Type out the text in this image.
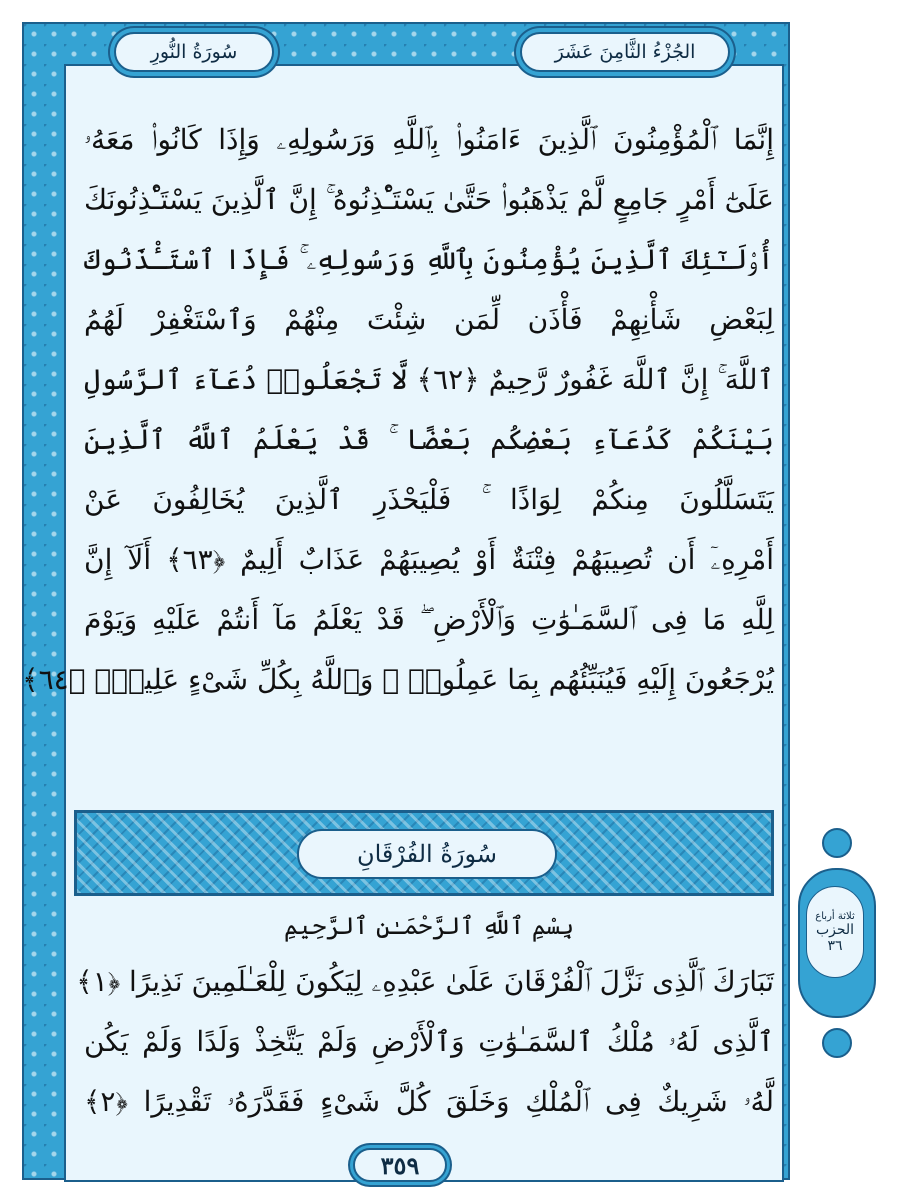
الجُزْءُ الثَّامِنَ عَشَرَ
سُورَةُ النُّورِ
إِنَّمَا ٱلْمُؤْمِنُونَ ٱلَّذِينَ ءَامَنُوا۟ بِٱللَّهِ وَرَسُولِهِۦ وَإِذَا كَانُوا۟ مَعَهُۥ
عَلَىٰٓ أَمْرٍ جَامِعٍ لَّمْ يَذْهَبُوا۟ حَتَّىٰ يَسْتَـْٔذِنُوهُ ۚ إِنَّ ٱلَّذِينَ يَسْتَـْٔذِنُونَكَ
أُو۟لَـٰٓئِكَ ٱلَّذِينَ يُؤْمِنُونَ بِٱللَّهِ وَرَسُولِهِۦ ۚ فَإِذَا ٱسْتَـْٔذَنُوكَ
لِبَعْضِ شَأْنِهِمْ فَأْذَن لِّمَن شِئْتَ مِنْهُمْ وَٱسْتَغْفِرْ لَهُمُ
ٱللَّهَ ۚ إِنَّ ٱللَّهَ غَفُورٌ رَّحِيمٌ ﴿٦٢﴾ لَّا تَجْعَلُوا۟ دُعَآءَ ٱلرَّسُولِ
بَيْنَكُمْ كَدُعَآءِ بَعْضِكُم بَعْضًا ۚ قَدْ يَعْلَمُ ٱللَّهُ ٱلَّذِينَ
يَتَسَلَّلُونَ مِنكُمْ لِوَاذًا ۚ فَلْيَحْذَرِ ٱلَّذِينَ يُخَالِفُونَ عَنْ
أَمْرِهِۦٓ أَن تُصِيبَهُمْ فِتْنَةٌ أَوْ يُصِيبَهُمْ عَذَابٌ أَلِيمٌ ﴿٦٣﴾ أَلَآ إِنَّ
لِلَّهِ مَا فِى ٱلسَّمَـٰوَٰتِ وَٱلْأَرْضِ ۖ قَدْ يَعْلَمُ مَآ أَنتُمْ عَلَيْهِ وَيَوْمَ
يُرْجَعُونَ إِلَيْهِ فَيُنَبِّئُهُم بِمَا عَمِلُوا۟ ۗ وَٱللَّهُ بِكُلِّ شَىْءٍ عَلِيمٌۢ ﴿٦٤﴾
سُورَةُ الفُرْقَانِ
بِسْمِ ٱللَّهِ ٱلرَّحْمَـٰنِ ٱلرَّحِيمِ
تَبَارَكَ ٱلَّذِى نَزَّلَ ٱلْفُرْقَانَ عَلَىٰ عَبْدِهِۦ لِيَكُونَ لِلْعَـٰلَمِينَ نَذِيرًا ﴿١﴾
ٱلَّذِى لَهُۥ مُلْكُ ٱلسَّمَـٰوَٰتِ وَٱلْأَرْضِ وَلَمْ يَتَّخِذْ وَلَدًا وَلَمْ يَكُن
لَّهُۥ شَرِيكٌ فِى ٱلْمُلْكِ وَخَلَقَ كُلَّ شَىْءٍ فَقَدَّرَهُۥ تَقْدِيرًا ﴿٢﴾
٣٥٩
ثلاثة أرباع
الحزب
٣٦
